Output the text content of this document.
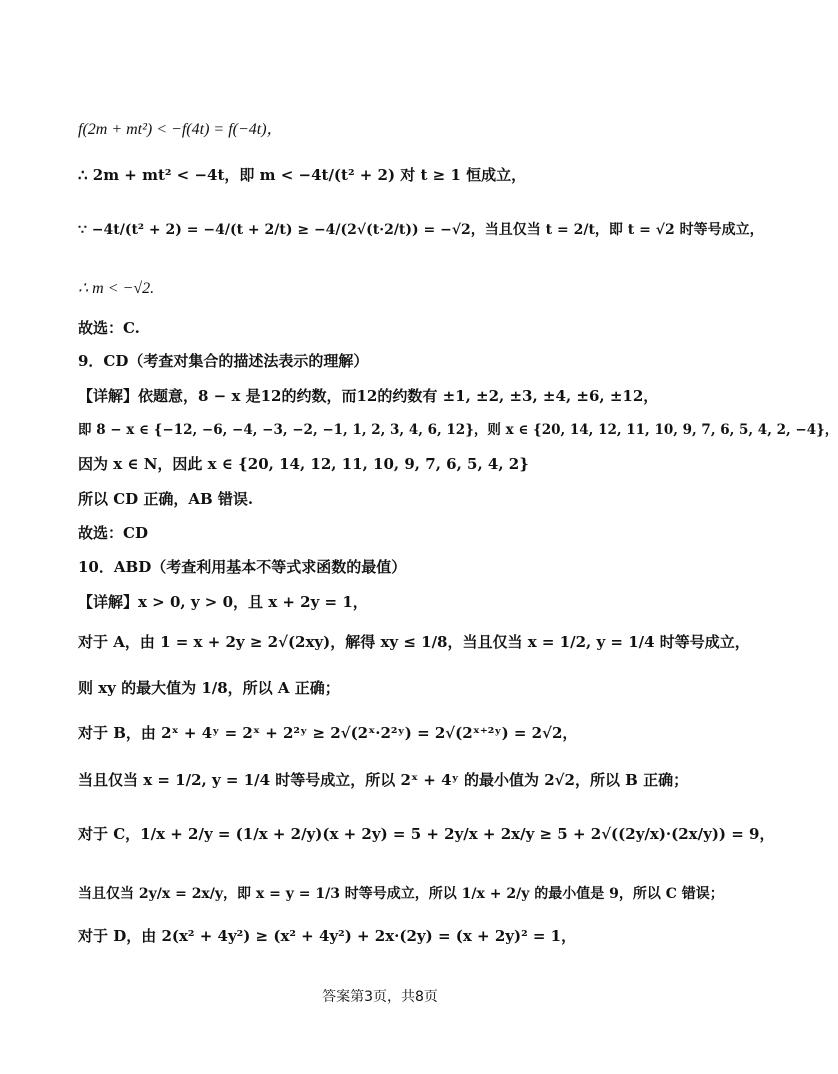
f(2m + mt²) < −f(4t) = f(−4t)，
∴ 2m + mt² < −4t，即 m < −4t/(t² + 2) 对 t ≥ 1 恒成立，
∵ −4t/(t² + 2) = −4/(t + 2/t) ≥ −4/(2√(t·2/t)) = −√2，当且仅当 t = 2/t，即 t = √2 时等号成立，
∴ m < −√2.
故选：C.
9．CD（考查对集合的描述法表示的理解）
【详解】依题意，8 − x 是12的约数，而12的约数有 ±1, ±2, ±3, ±4, ±6, ±12，
即 8 − x ∈ {−12, −6, −4, −3, −2, −1, 1, 2, 3, 4, 6, 12}，则 x ∈ {20, 14, 12, 11, 10, 9, 7, 6, 5, 4, 2, −4}，
因为 x ∈ N，因此 x ∈ {20, 14, 12, 11, 10, 9, 7, 6, 5, 4, 2}
所以 CD 正确，AB 错误.
故选：CD
10．ABD（考查利用基本不等式求函数的最值）
【详解】x > 0, y > 0，且 x + 2y = 1，
对于 A，由 1 = x + 2y ≥ 2√(2xy)，解得 xy ≤ 1/8，当且仅当 x = 1/2, y = 1/4 时等号成立，
则 xy 的最大值为 1/8，所以 A 正确；
对于 B，由 2ˣ + 4ʸ = 2ˣ + 2²ʸ ≥ 2√(2ˣ·2²ʸ) = 2√(2ˣ⁺²ʸ) = 2√2，
当且仅当 x = 1/2, y = 1/4 时等号成立，所以 2ˣ + 4ʸ 的最小值为 2√2，所以 B 正确；
对于 C，1/x + 2/y = (1/x + 2/y)(x + 2y) = 5 + 2y/x + 2x/y ≥ 5 + 2√((2y/x)·(2x/y)) = 9，
当且仅当 2y/x = 2x/y，即 x = y = 1/3 时等号成立，所以 1/x + 2/y 的最小值是 9，所以 C 错误；
对于 D，由 2(x² + 4y²) ≥ (x² + 4y²) + 2x·(2y) = (x + 2y)² = 1，
答案第3页，共8页
